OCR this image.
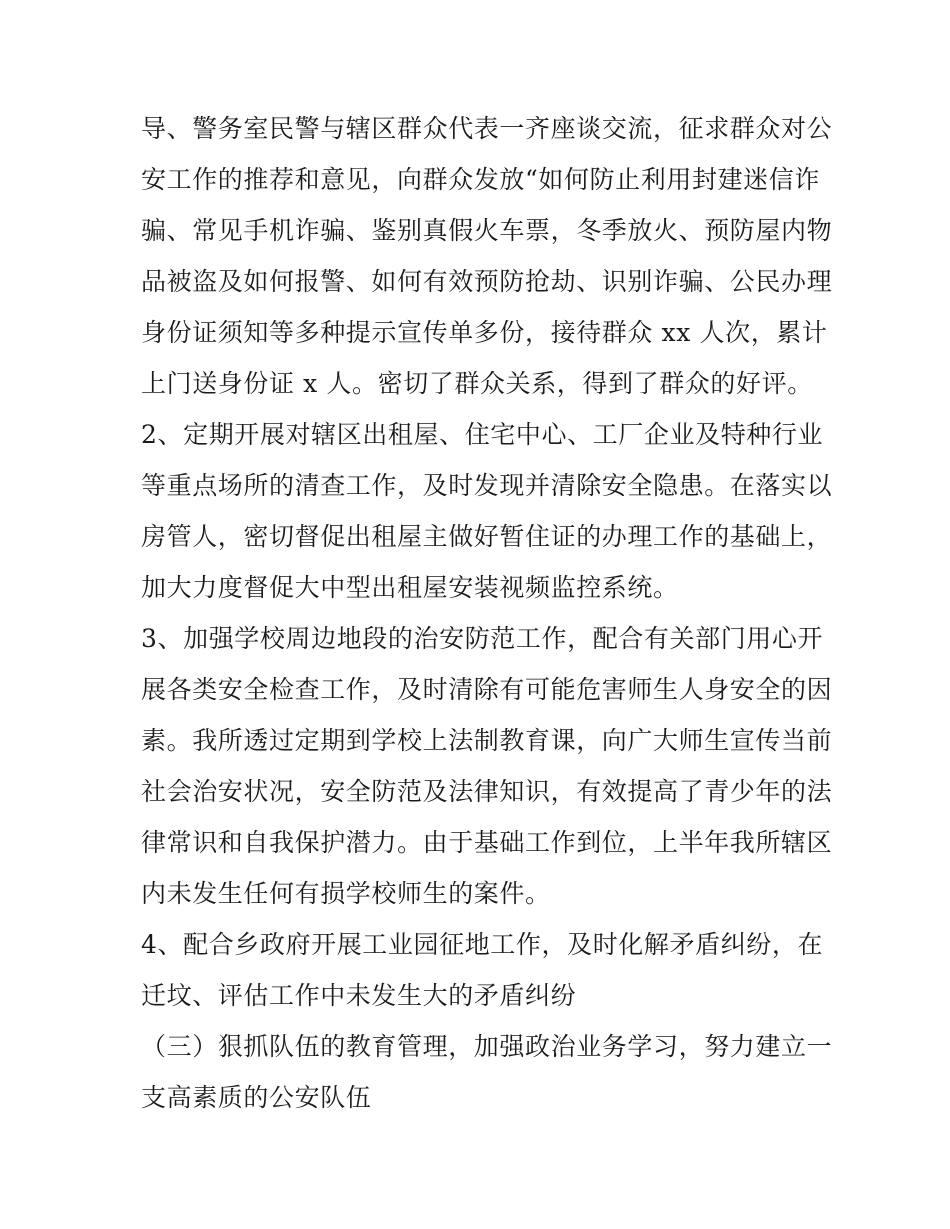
导、警务室民警与辖区群众代表一齐座谈交流，征求群众对公
安工作的推荐和意见，向群众发放“如何防止利用封建迷信诈
骗、常见手机诈骗、鉴别真假火车票，冬季放火、预防屋内物
品被盗及如何报警、如何有效预防抢劫、识别诈骗、公民办理
身份证须知等多种提示宣传单多份，接待群众 xx 人次，累计
上门送身份证 x 人。密切了群众关系，得到了群众的好评。
2、定期开展对辖区出租屋、住宅中心、工厂企业及特种行业
等重点场所的清查工作，及时发现并清除安全隐患。在落实以
房管人，密切督促出租屋主做好暂住证的办理工作的基础上，
加大力度督促大中型出租屋安装视频监控系统。
3、加强学校周边地段的治安防范工作，配合有关部门用心开
展各类安全检查工作，及时清除有可能危害师生人身安全的因
素。我所透过定期到学校上法制教育课，向广大师生宣传当前
社会治安状况，安全防范及法律知识，有效提高了青少年的法
律常识和自我保护潜力。由于基础工作到位，上半年我所辖区
内未发生任何有损学校师生的案件。
4、配合乡政府开展工业园征地工作，及时化解矛盾纠纷，在
迁坟、评估工作中未发生大的矛盾纠纷
（三）狠抓队伍的教育管理，加强政治业务学习，努力建立一
支高素质的公安队伍
